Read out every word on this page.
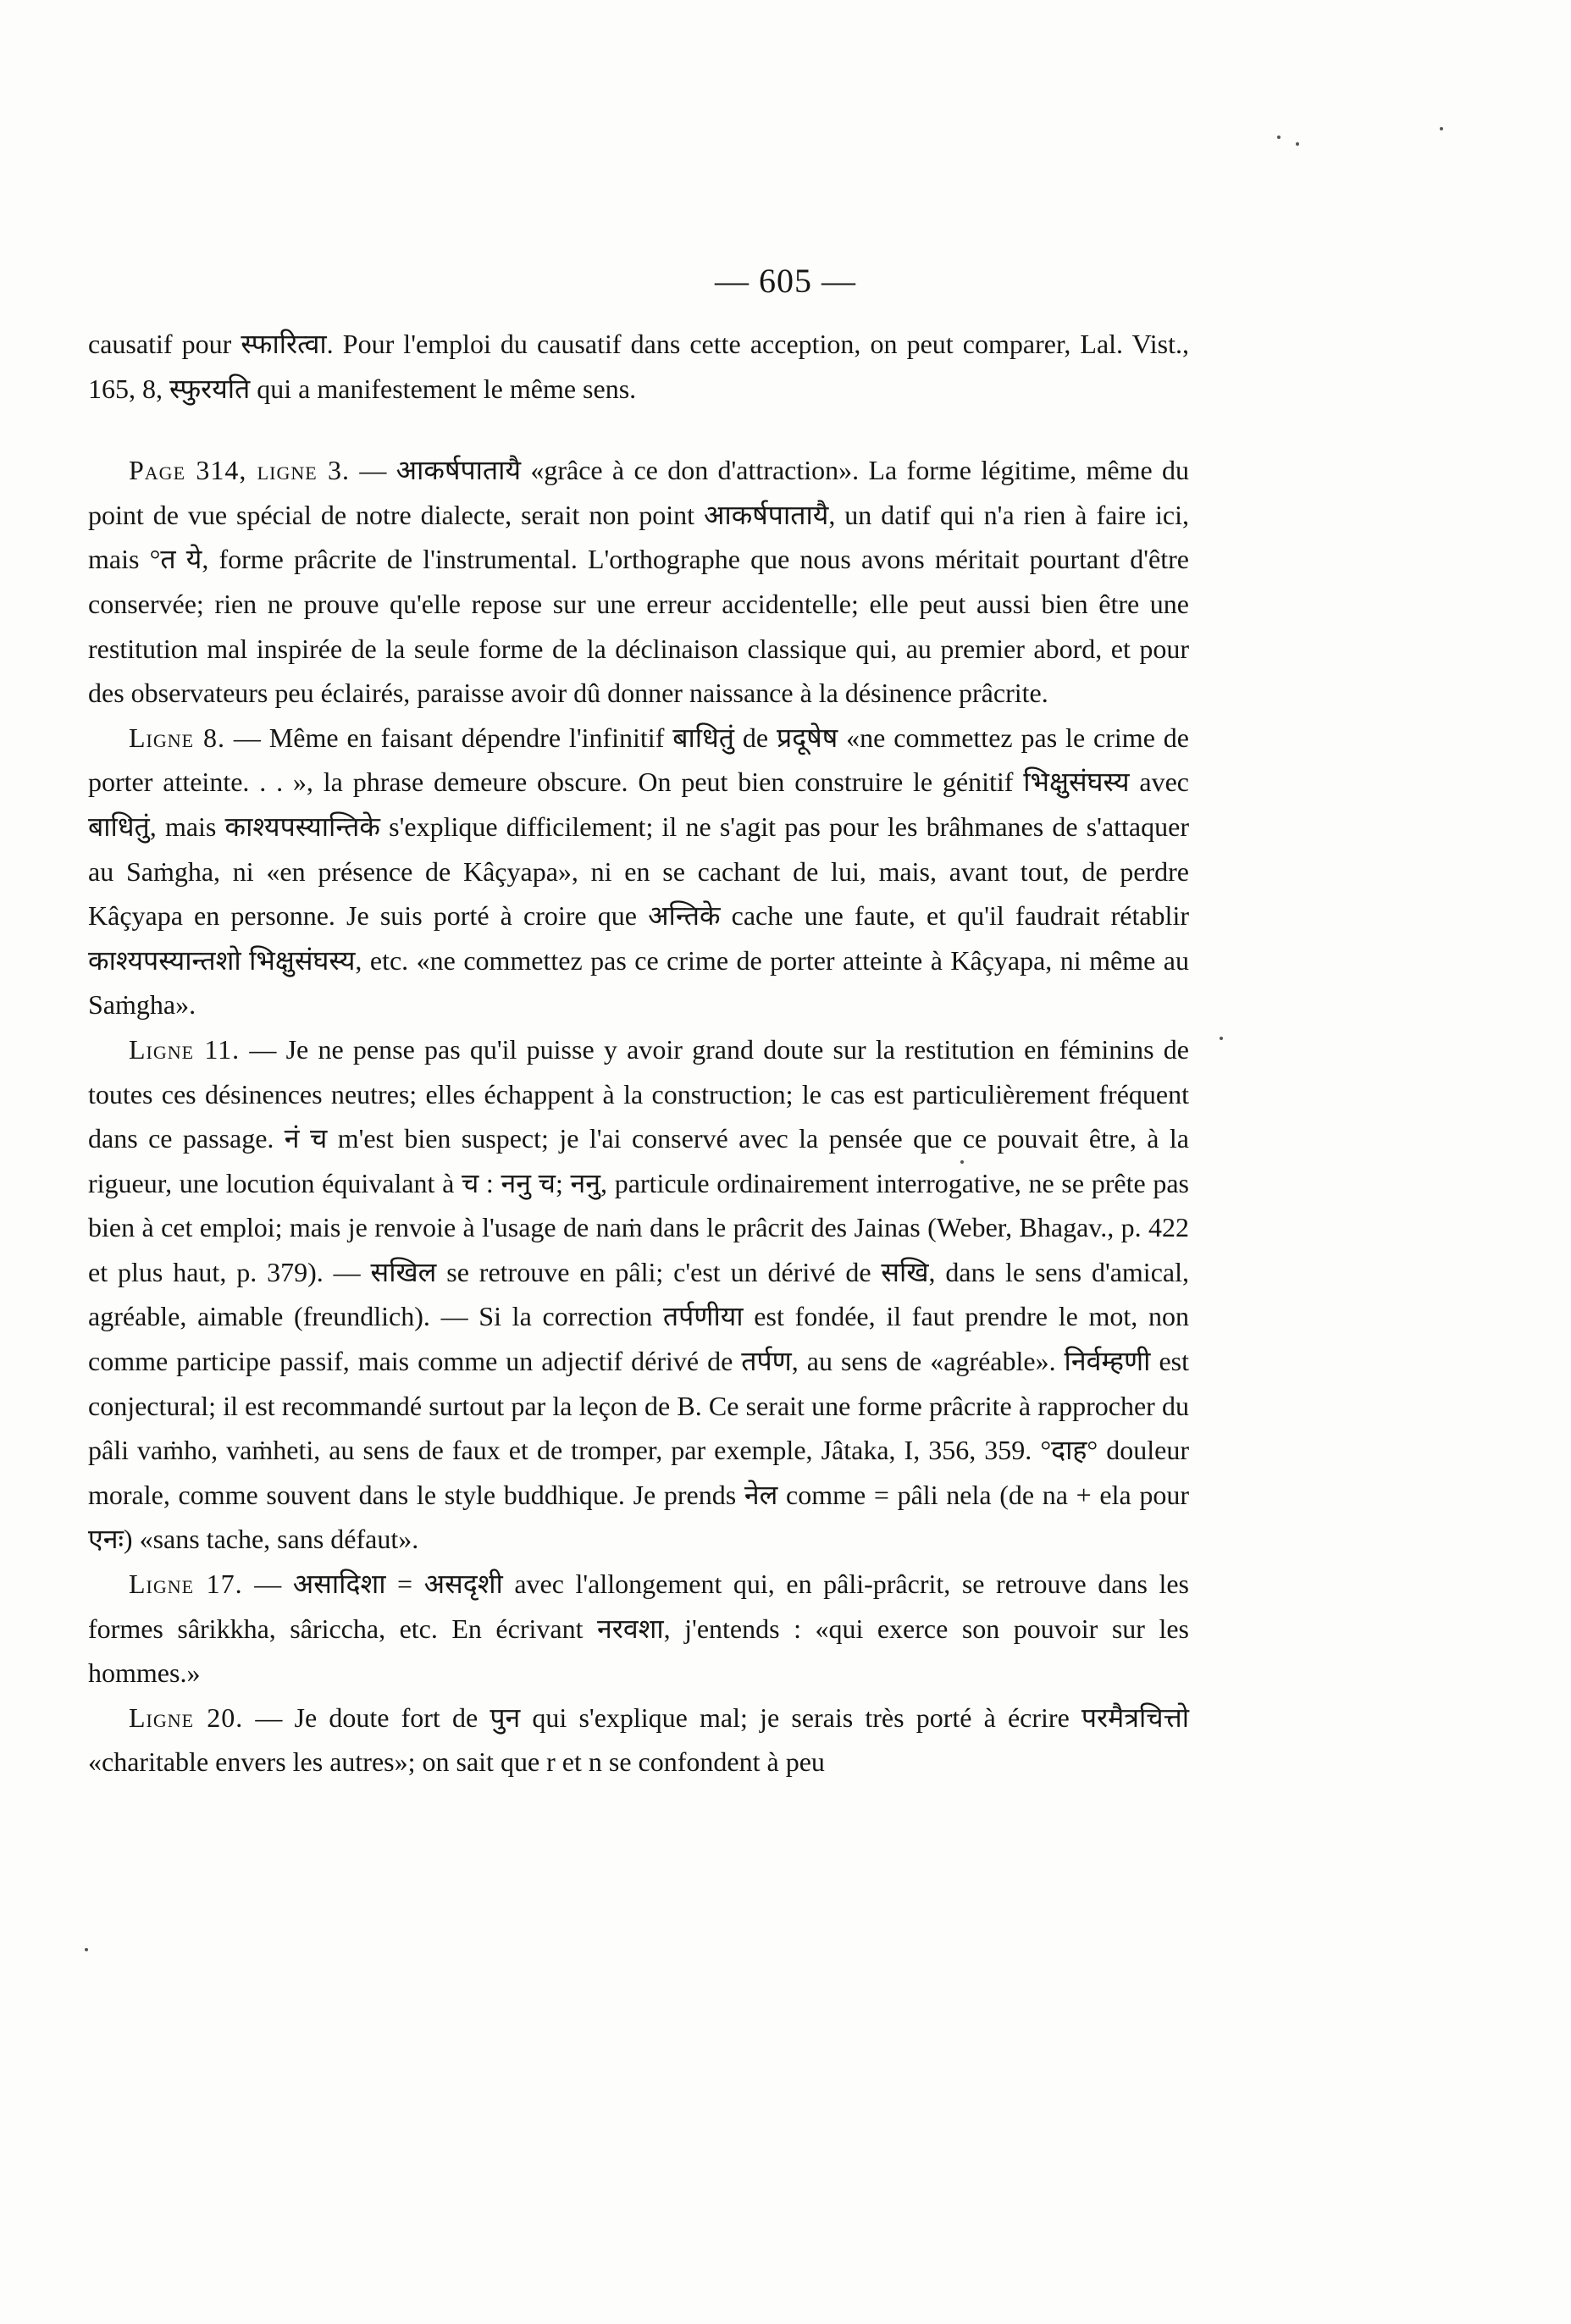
— 605 —

causatif pour स्फारित्वा. Pour l'emploi du causatif dans cette acception, on peut comparer, Lal. Vist., 165, 8, स्फुरयति qui a manifestement le même sens.

Page 314, ligne 3. — आकर्षपातायै «grâce à ce don d'attraction». La forme légitime, même du point de vue spécial de notre dialecte, serait non point आकर्षपातायै, un datif qui n'a rien à faire ici, mais °त ये, forme prâcrite de l'instrumental. L'orthographe que nous avons méritait pourtant d'être conservée; rien ne prouve qu'elle repose sur une erreur accidentelle; elle peut aussi bien être une restitution mal inspirée de la seule forme de la déclinaison classique qui, au premier abord, et pour des observateurs peu éclairés, paraisse avoir dû donner naissance à la désinence prâcrite.

Ligne 8. — Même en faisant dépendre l'infinitif बाधितुं de प्रदूषेष «ne commettez pas le crime de porter atteinte. . . », la phrase demeure obscure. On peut bien construire le génitif भिक्षुसंघस्य avec बाधितुं, mais काश्यपस्यान्तिके s'explique difficilement; il ne s'agit pas pour les brâhmanes de s'attaquer au Saṁgha, ni «en présence de Kâçyapa», ni en se cachant de lui, mais, avant tout, de perdre Kâçyapa en personne. Je suis porté à croire que अन्तिके cache une faute, et qu'il faudrait rétablir काश्यपस्यान्तशो भिक्षुसंघस्य, etc. «ne commettez pas ce crime de porter atteinte à Kâçyapa, ni même au Saṁgha».

Ligne 11. — Je ne pense pas qu'il puisse y avoir grand doute sur la restitution en féminins de toutes ces désinences neutres; elles échappent à la construction; le cas est particulièrement fréquent dans ce passage. नं च m'est bien suspect; je l'ai conservé avec la pensée que ce pouvait être, à la rigueur, une locution équivalant à च : ननु च; ननु, particule ordinairement interrogative, ne se prête pas bien à cet emploi; mais je renvoie à l'usage de naṁ dans le prâcrit des Jainas (Weber, Bhagav., p. 422 et plus haut, p. 379). — सखिल se retrouve en pâli; c'est un dérivé de सखि, dans le sens d'amical, agréable, aimable (freundlich). — Si la correction तर्पणीया est fondée, il faut prendre le mot, non comme participe passif, mais comme un adjectif dérivé de तर्पण, au sens de «agréable». निर्वम्हणी est conjectural; il est recommandé surtout par la leçon de B. Ce serait une forme prâcrite à rapprocher du pâli vaṁho, vaṁheti, au sens de faux et de tromper, par exemple, Jâtaka, I, 356, 359. °दाह° douleur morale, comme souvent dans le style buddhique. Je prends नेल comme = pâli nela (de na + ela pour एनः) «sans tache, sans défaut».

Ligne 17. — असादिशा = असदृशी avec l'allongement qui, en pâli-prâcrit, se retrouve dans les formes sârikkha, sâriccha, etc. En écrivant नरवशा, j'entends : «qui exerce son pouvoir sur les hommes.»

Ligne 20. — Je doute fort de पुन qui s'explique mal; je serais très porté à écrire परमैत्रचित्तो «charitable envers les autres»; on sait que r et n se confondent à peu
